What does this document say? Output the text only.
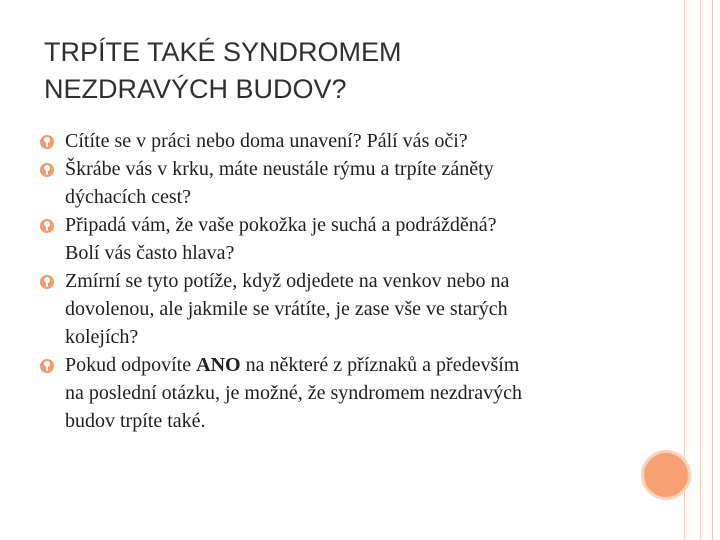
TRPÍTE TAKÉ SYNDROMEM
NEZDRAVÝCH BUDOV?
Cítíte se v práci nebo doma unavení? Pálí vás oči?
Škrábe vás v krku, máte neustále rýmu a trpíte záněty
dýchacích cest?
Připadá vám, že vaše pokožka je suchá a podrážděná?
Bolí vás často hlava?
Zmírní se tyto potíže, když odjedete na venkov nebo na
dovolenou, ale jakmile se vrátíte, je zase vše ve starých
kolejích?
Pokud odpovíte ANO na některé z příznaků a především
na poslední otázku, je možné, že syndromem nezdravých
budov trpíte také.
